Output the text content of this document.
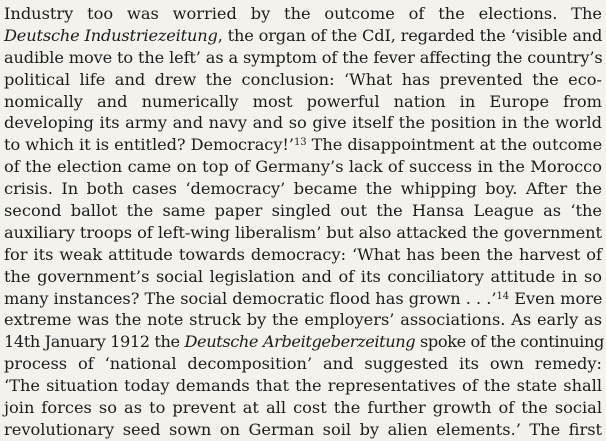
Industry too was worried by the outcome of the elections. The
Deutsche Industriezeitung, the organ of the CdI, regarded the ‘visible and
audible move to the left’ as a symptom of the fever affecting the country’s
political life and drew the conclusion: ‘What has prevented the eco-
nomically and numerically most powerful nation in Europe from
developing its army and navy and so give itself the position in the world
to which it is entitled? Democracy!’$^{13}$ The disappointment at the outcome
of the election came on top of Germany’s lack of success in the Morocco
crisis. In both cases ‘democracy’ became the whipping boy. After the
second ballot the same paper singled out the Hansa League as ‘the
auxiliary troops of left-wing liberalism’ but also attacked the government
for its weak attitude towards democracy: ‘What has been the harvest of
the government’s social legislation and of its conciliatory attitude in so
many instances? The social democratic flood has grown . . .’$^{14}$ Even more
extreme was the note struck by the employers’ associations. As early as
14th January 1912 the Deutsche Arbeitgeberzeitung spoke of the continuing
process of ‘national decomposition’ and suggested its own remedy:
‘The situation today demands that the representatives of the state shall
join forces so as to prevent at all cost the further growth of the social
revolutionary seed sown on German soil by alien elements.’ The first
